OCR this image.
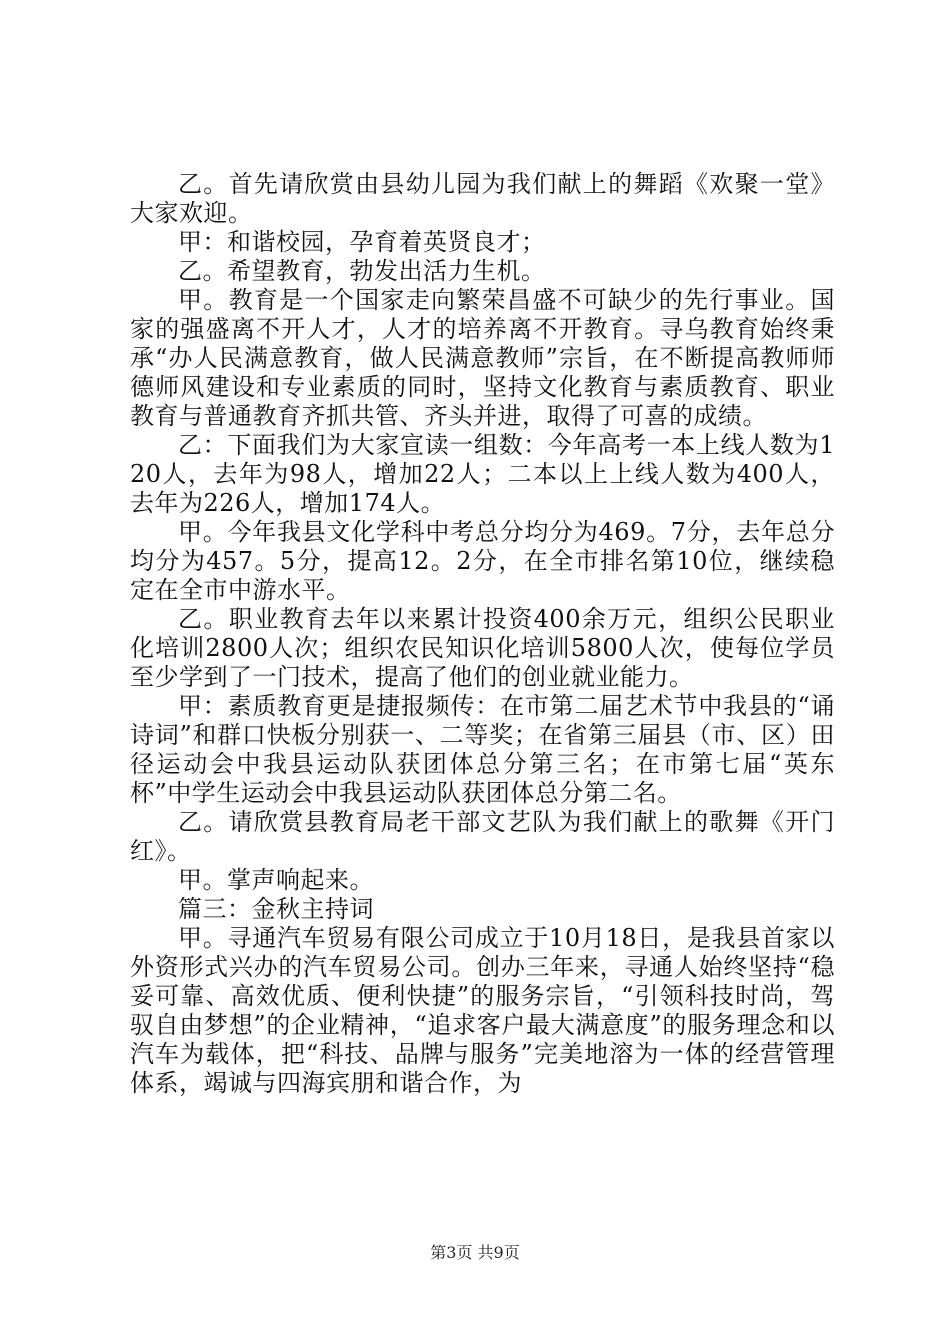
乙。首先请欣赏由县幼儿园为我们献上的舞蹈《欢聚一堂》大家欢迎。

甲：和谐校园，孕育着英贤良才；

乙。希望教育，勃发出活力生机。

甲。教育是一个国家走向繁荣昌盛不可缺少的先行事业。国家的强盛离不开人才，人才的培养离不开教育。寻乌教育始终秉承“办人民满意教育，做人民满意教师”宗旨，在不断提高教师师德师风建设和专业素质的同时，坚持文化教育与素质教育、职业教育与普通教育齐抓共管、齐头并进，取得了可喜的成绩。

乙：下面我们为大家宣读一组数：今年高考一本上线人数为120人，去年为98人，增加22人；二本以上上线人数为400人，去年为226人，增加174人。

甲。今年我县文化学科中考总分均分为469。7分，去年总分均分为457。5分，提高12。2分，在全市排名第10位，继续稳定在全市中游水平。

乙。职业教育去年以来累计投资400余万元，组织公民职业化培训2800人次；组织农民知识化培训5800人次，使每位学员至少学到了一门技术，提高了他们的创业就业能力。

甲：素质教育更是捷报频传：在市第二届艺术节中我县的“诵诗词”和群口快板分别获一、二等奖；在省第三届县（市、区）田径运动会中我县运动队获团体总分第三名；在市第七届“英东杯”中学生运动会中我县运动队获团体总分第二名。

乙。请欣赏县教育局老干部文艺队为我们献上的歌舞《开门红》。

甲。掌声响起来。

篇三：金秋主持词

甲。寻通汽车贸易有限公司成立于10月18日，是我县首家以外资形式兴办的汽车贸易公司。创办三年来，寻通人始终坚持“稳妥可靠、高效优质、便利快捷”的服务宗旨，“引领科技时尚，驾驭自由梦想”的企业精神，“追求客户最大满意度”的服务理念和以汽车为载体，把“科技、品牌与服务”完美地溶为一体的经营管理体系，竭诚与四海宾朋和谐合作，为

第3页 共9页
